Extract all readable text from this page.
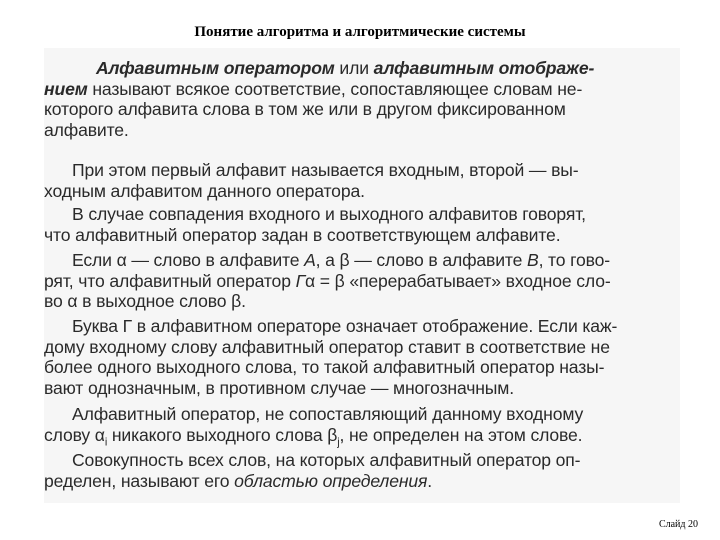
Понятие алгоритма и алгоритмические системы
Алфавитным оператором или алфавитным отображе-
нием называют всякое соответствие, сопоставляющее словам не-
которого алфавита слова в том же или в другом фиксированном
алфавите.
При этом первый алфавит называется входным, второй — вы-
ходным алфавитом данного оператора.
В случае совпадения входного и выходного алфавитов говорят,
что алфавитный оператор задан в соответствующем алфавите.
Если α — слово в алфавите A, а β — слово в алфавите B, то гово-
рят, что алфавитный оператор Гα = β «перерабатывает» входное сло-
во α в выходное слово β.
Буква Г в алфавитном операторе означает отображение. Если каж-
дому входному слову алфавитный оператор ставит в соответствие не
более одного выходного слова, то такой алфавитный оператор назы-
вают однозначным, в противном случае — многозначным.
Алфавитный оператор, не сопоставляющий данному входному
слову $\alpha_i$ никакого выходного слова $\beta_j$, не определен на этом слове.
Совокупность всех слов, на которых алфавитный оператор оп-
ределен, называют его областью определения.
Слайд 20
